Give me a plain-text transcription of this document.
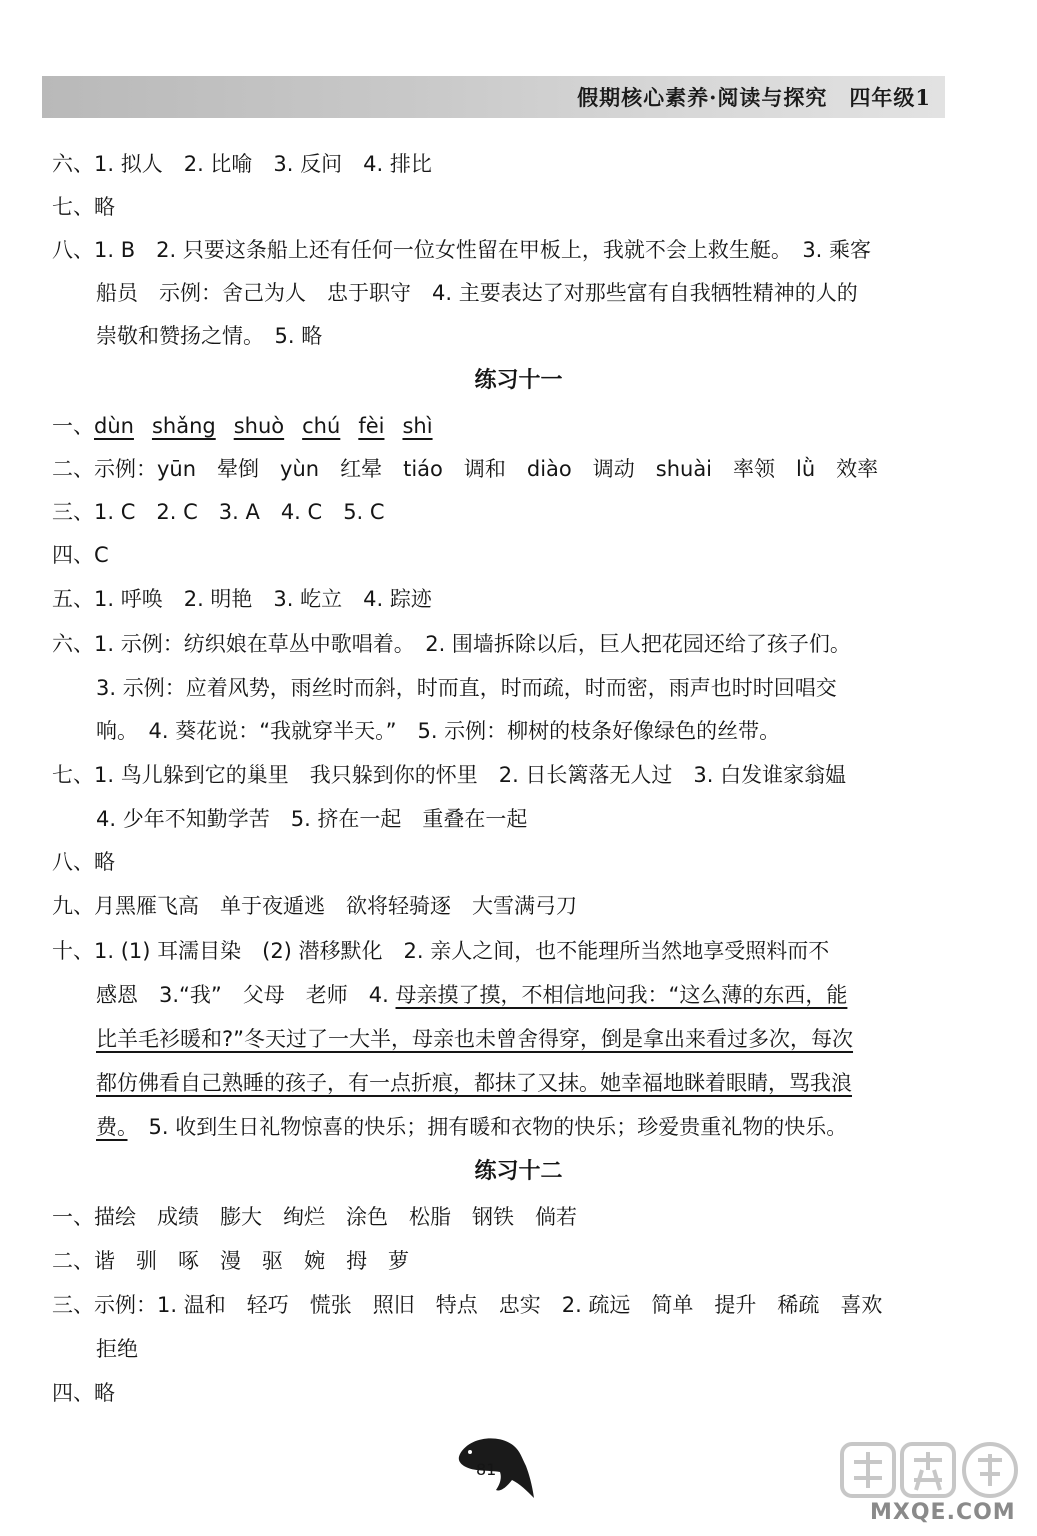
假期核心素养·阅读与探究　四年级1
六、1. 拟人　2. 比喻　3. 反问　4. 排比
七、略
八、1. B　2. 只要这条船上还有任何一位女性留在甲板上，我就不会上救生艇。　3. 乘客
船员　示例：舍己为人　忠于职守　4. 主要表达了对那些富有自我牺牲精神的人的
崇敬和赞扬之情。　5. 略
练习十一
一、dùn shǎng shuò chú fèi shì
二、示例：yūn　晕倒　yùn　红晕　tiáo　调和　diào　调动　shuài　率领　lǜ　效率
三、1. C　2. C　3. A　4. C　5. C
四、C
五、1. 呼唤　2. 明艳　3. 屹立　4. 踪迹
六、1. 示例：纺织娘在草丛中歌唱着。　2. 围墙拆除以后，巨人把花园还给了孩子们。
3. 示例：应着风势，雨丝时而斜，时而直，时而疏，时而密，雨声也时时回唱交
响。　4. 葵花说：“我就穿半天。”　5. 示例：柳树的枝条好像绿色的丝带。
七、1. 鸟儿躲到它的巢里　我只躲到你的怀里　2. 日长篱落无人过　3. 白发谁家翁媪
4. 少年不知勤学苦　5. 挤在一起　重叠在一起
八、略
九、月黑雁飞高　单于夜遁逃　欲将轻骑逐　大雪满弓刀
十、1. (1) 耳濡目染　(2) 潜移默化　2. 亲人之间，也不能理所当然地享受照料而不
感恩　3.“我”　父母　老师　4. 母亲摸了摸，不相信地问我：“这么薄的东西，能
比羊毛衫暖和?”冬天过了一大半，母亲也未曾舍得穿，倒是拿出来看过多次，每次
都仿佛看自己熟睡的孩子，有一点折痕，都抹了又抹。她幸福地眯着眼睛，骂我浪
费。　5. 收到生日礼物惊喜的快乐；拥有暖和衣物的快乐；珍爱贵重礼物的快乐。
练习十二
一、描绘　成绩　膨大　绚烂　涂色　松脂　钢铁　倘若
二、谐　驯　啄　漫　驱　婉　拇　萝
三、示例：1. 温和　轻巧　慌张　照旧　特点　忠实　2. 疏远　简单　提升　稀疏　喜欢
拒绝
四、略
81
MXQE.COM
